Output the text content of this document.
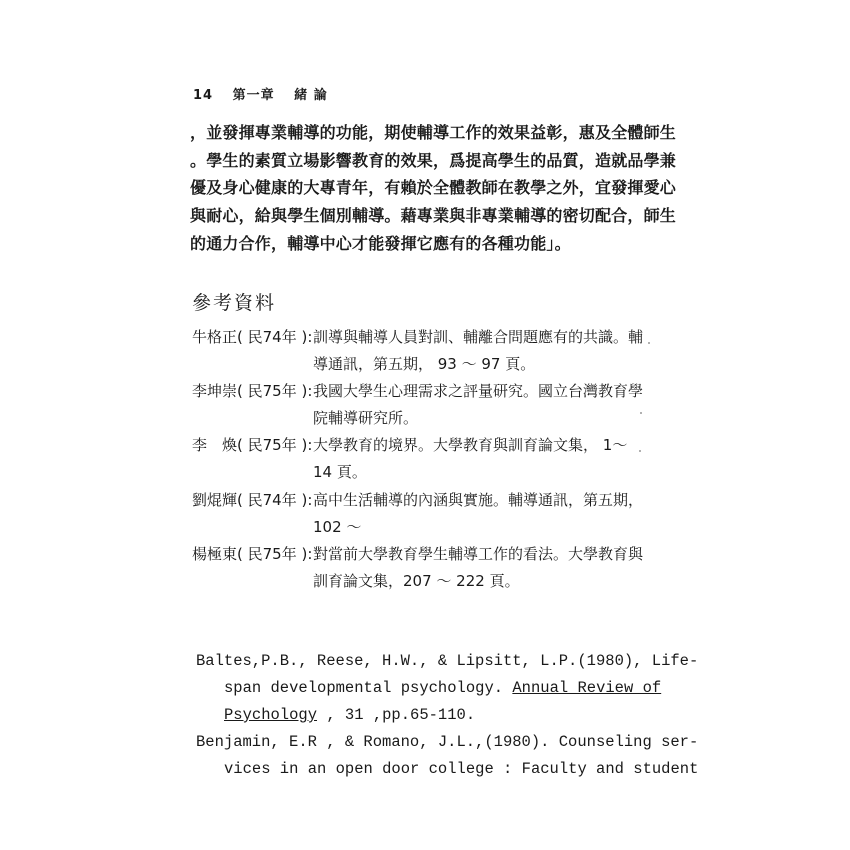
14 第一章 緒 論
，並發揮專業輔導的功能，期使輔導工作的效果益彰，惠及全體師生
。學生的素質立場影響教育的效果，爲提高學生的品質，造就品學兼
優及身心健康的大專青年，有賴於全體教師在教學之外，宜發揮愛心
與耐心，給與學生個別輔導。藉專業與非專業輔導的密切配合，師生
的通力合作，輔導中心才能發揮它應有的各種功能」。
參考資料
牛格正( 民74年 ): 訓導與輔導人員對訓、輔離合問題應有的共識。輔
導通訊，第五期， 93 ～ 97 頁。
李坤崇( 民75年 ): 我國大學生心理需求之評量研究。國立台灣教育學
院輔導研究所。
李　煥( 民75年 ): 大學教育的境界。大學教育與訓育論文集， 1～
14 頁。
劉焜輝( 民74年 ): 高中生活輔導的內涵與實施。輔導通訊，第五期，
102 ～
楊極東( 民75年 ): 對當前大學教育學生輔導工作的看法。大學教育與
訓育論文集，207 ～ 222 頁。
Baltes,P.B., Reese, H.W., & Lipsitt, L.P.(1980), Life-
span developmental psychology. Annual Review of
Psychology , 31 ,pp.65-110.
Benjamin, E.R , & Romano, J.L.,(1980). Counseling ser-
vices in an open door college : Faculty and student
